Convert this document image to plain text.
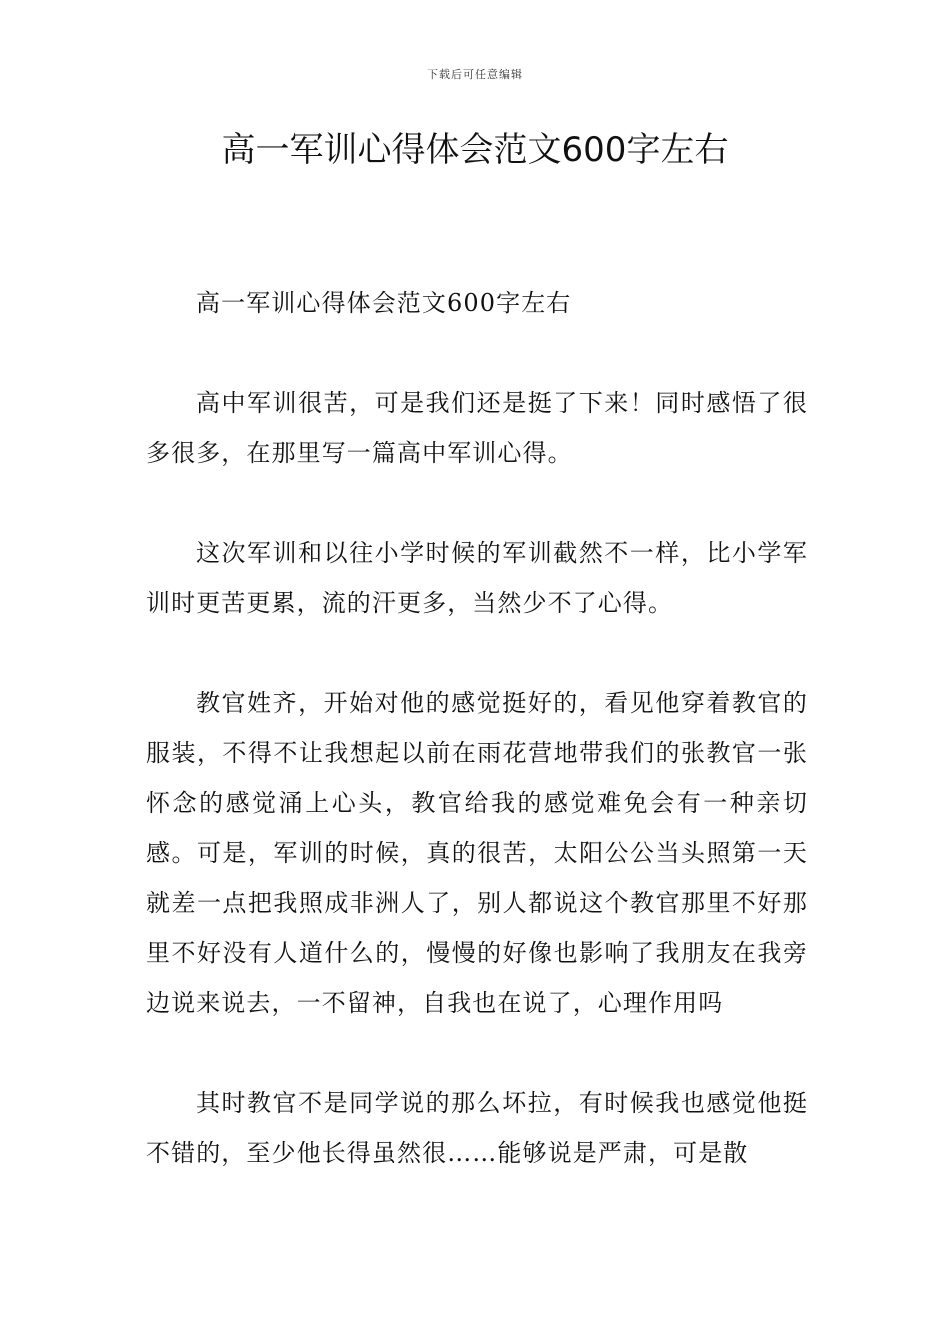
下载后可任意编辑
高一军训心得体会范文600字左右

高一军训心得体会范文600字左右

高中军训很苦，可是我们还是挺了下来！同时感悟了很多很多，在那里写一篇高中军训心得。

这次军训和以往小学时候的军训截然不一样，比小学军训时更苦更累，流的汗更多，当然少不了心得。

教官姓齐，开始对他的感觉挺好的，看见他穿着教官的服装，不得不让我想起以前在雨花营地带我们的张教官一张怀念的感觉涌上心头，教官给我的感觉难免会有一种亲切感。可是，军训的时候，真的很苦，太阳公公当头照第一天就差一点把我照成非洲人了，别人都说这个教官那里不好那里不好没有人道什么的，慢慢的好像也影响了我朋友在我旁边说来说去，一不留神，自我也在说了，心理作用吗

其时教官不是同学说的那么坏拉，有时候我也感觉他挺不错的，至少他长得虽然很……能够说是严肃，可是散
